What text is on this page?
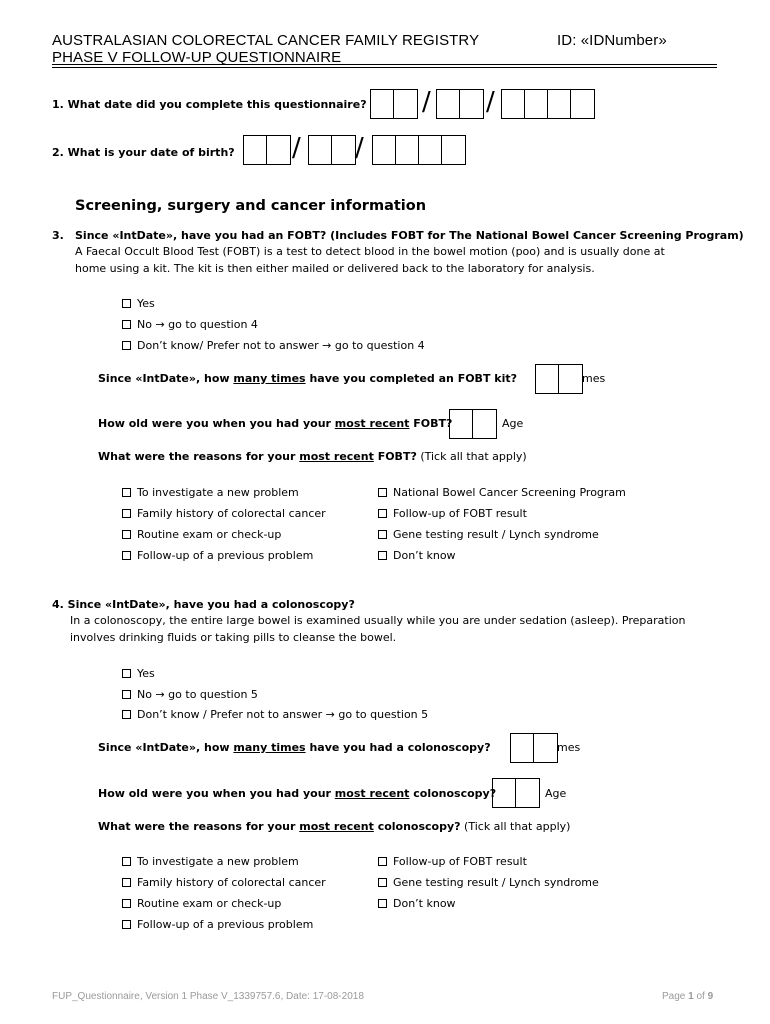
AUSTRALASIAN COLORECTAL CANCER FAMILY REGISTRY
PHASE V FOLLOW-UP QUESTIONNAIRE
ID: «IDNumber»
1. What date did you complete this questionnaire? / /
2. What is your date of birth? / /
Screening, surgery and cancer information
3. Since «IntDate», have you had an FOBT? (Includes FOBT for The National Bowel Cancer Screening Program)
A Faecal Occult Blood Test (FOBT) is a test to detect blood in the bowel motion (poo) and is usually done at
home using a kit. The kit is then either mailed or delivered back to the laboratory for analysis.
Yes
No → go to question 4
Don’t know/ Prefer not to answer → go to question 4
Since «IntDate», how many times have you completed an FOBT kit?	mes
How old were you when you had your most recent FOBT?	Age
What were the reasons for your most recent FOBT? (Tick all that apply)
To investigate a new problem
Family history of colorectal cancer
Routine exam or check-up
Follow-up of a previous problem
National Bowel Cancer Screening Program
Follow-up of FOBT result
Gene testing result / Lynch syndrome
Don’t know
4. Since «IntDate», have you had a colonoscopy?
In a colonoscopy, the entire large bowel is examined usually while you are under sedation (asleep). Preparation
involves drinking fluids or taking pills to cleanse the bowel.
Yes
No → go to question 5
Don’t know / Prefer not to answer → go to question 5
Since «IntDate», how many times have you had a colonoscopy?	mes
How old were you when you had your most recent colonoscopy?	Age
What were the reasons for your most recent colonoscopy? (Tick all that apply)
To investigate a new problem
Family history of colorectal cancer
Routine exam or check-up
Follow-up of a previous problem
Follow-up of FOBT result
Gene testing result / Lynch syndrome
Don’t know
FUP_Questionnaire, Version 1 Phase V_1339757.6, Date: 17-08-2018	Page 1 of 9
